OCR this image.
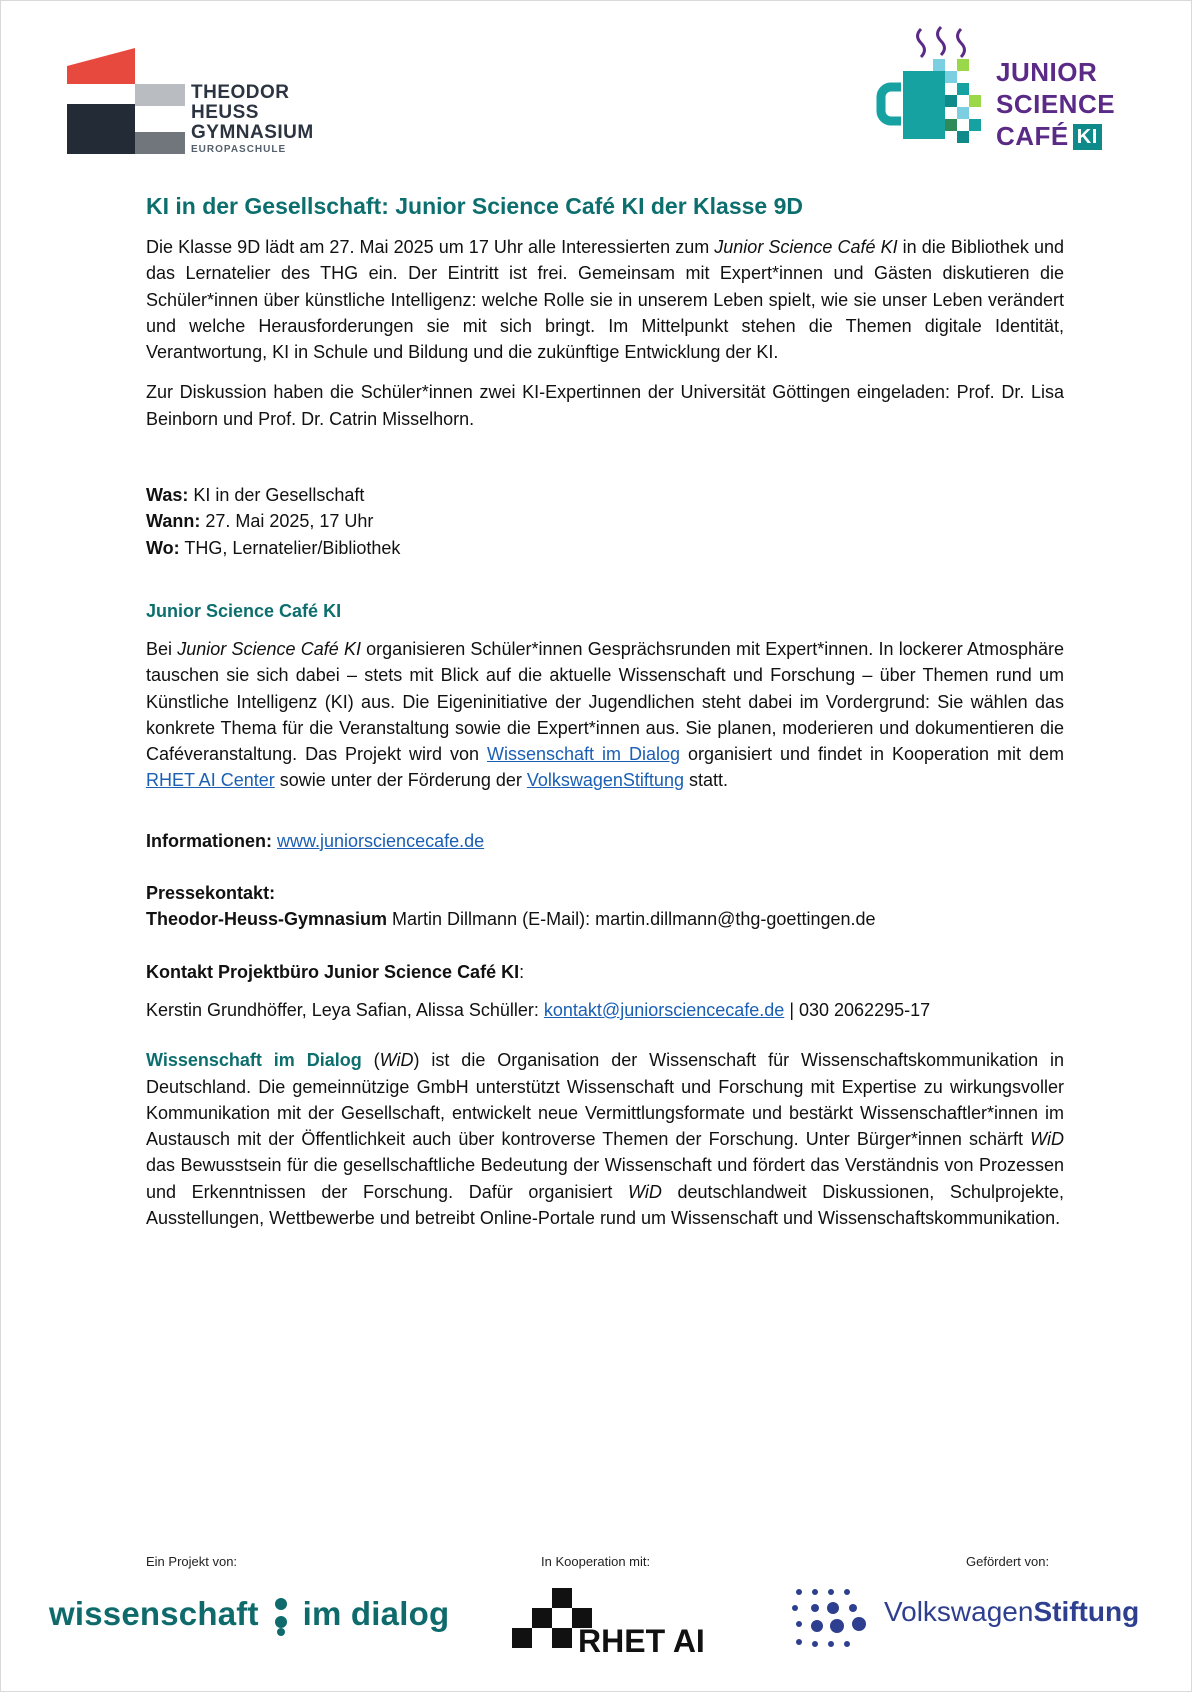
THEODOR
HEUSS
GYMNASIUM
EUROPASCHULE
JUNIOR
SCIENCE
CAFÉ KI
KI in der Gesellschaft: Junior Science Café KI der Klasse 9D

Die Klasse 9D lädt am 27. Mai 2025 um 17 Uhr alle Interessierten zum Junior Science Café KI in die Bibliothek und das Lernatelier des THG ein. Der Eintritt ist frei. Gemeinsam mit Expert*innen und Gästen diskutieren die Schüler*innen über künstliche Intelligenz: welche Rolle sie in unserem Leben spielt, wie sie unser Leben verändert und welche Herausforderungen sie mit sich bringt. Im Mittelpunkt stehen die Themen digitale Identität, Verantwortung, KI in Schule und Bildung und die zukünftige Entwicklung der KI.

Zur Diskussion haben die Schüler*innen zwei KI-Expertinnen der Universität Göttingen eingeladen: Prof. Dr. Lisa Beinborn und Prof. Dr. Catrin Misselhorn.

Was: KI in der Gesellschaft
Wann: 27. Mai 2025, 17 Uhr
Wo: THG, Lernatelier/Bibliothek
Junior Science Café KI

Bei Junior Science Café KI organisieren Schüler*innen Gesprächsrunden mit Expert*innen. In lockerer Atmosphäre tauschen sie sich dabei – stets mit Blick auf die aktuelle Wissenschaft und Forschung – über Themen rund um Künstliche Intelligenz (KI) aus. Die Eigeninitiative der Jugendlichen steht dabei im Vordergrund: Sie wählen das konkrete Thema für die Veranstaltung sowie die Expert*innen aus. Sie planen, moderieren und dokumentieren die Caféveranstaltung. Das Projekt wird von Wissenschaft im Dialog organisiert und findet in Kooperation mit dem RHET AI Center sowie unter der Förderung der VolkswagenStiftung statt.

Informationen: www.juniorsciencecafe.de
Pressekontakt:
Theodor-Heuss-Gymnasium Martin Dillmann (E-Mail): martin.dillmann@thg-goettingen.de
Kontakt Projektbüro Junior Science Café KI:
Kerstin Grundhöffer, Leya Safian, Alissa Schüller: kontakt@juniorsciencecafe.de | 030 2062295-17

Wissenschaft im Dialog (WiD) ist die Organisation der Wissenschaft für Wissenschaftskommunikation in Deutschland. Die gemeinnützige GmbH unterstützt Wissenschaft und Forschung mit Expertise zu wirkungsvoller Kommunikation mit der Gesellschaft, entwickelt neue Vermittlungsformate und bestärkt Wissenschaftler*innen im Austausch mit der Öffentlichkeit auch über kontroverse Themen der Forschung. Unter Bürger*innen schärft WiD das Bewusstsein für die gesellschaftliche Bedeutung der Wissenschaft und fördert das Verständnis von Prozessen und Erkenntnissen der Forschung. Dafür organisiert WiD deutschlandweit Diskussionen, Schulprojekte, Ausstellungen, Wettbewerbe und betreibt Online-Portale rund um Wissenschaft und Wissenschaftskommunikation.

Ein Projekt von:	In Kooperation mit:	Gefördert von:
wissenschaft im dialog
RHET AI
VolkswagenStiftung
